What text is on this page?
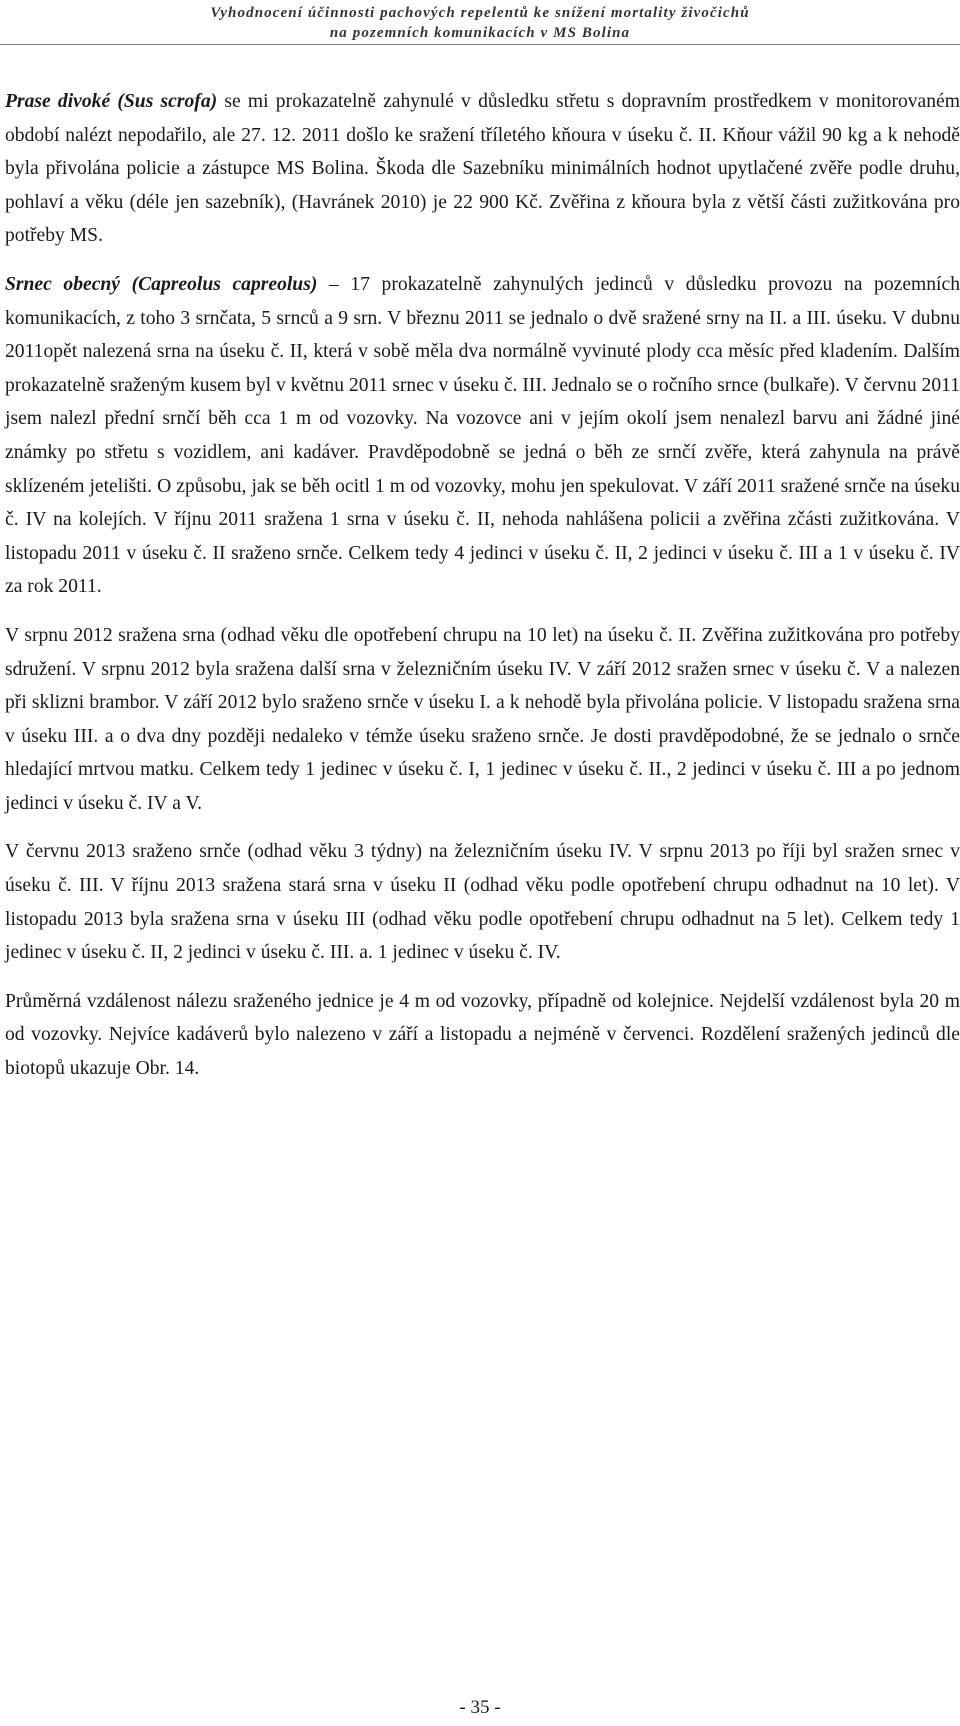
Vyhodnocení účinnosti pachových repelentů ke snížení mortality živočichů
na pozemních komunikacích v MS Bolina

Prase divoké (Sus scrofa) se mi prokazatelně zahynulé v důsledku střetu s dopravním prostředkem v monitorovaném období nalézt nepodařilo, ale 27. 12. 2011 došlo ke sražení tříletého kňoura v úseku č. II. Kňour vážil 90 kg a k nehodě byla přivolána policie a zástupce MS Bolina. Škoda dle Sazebníku minimálních hodnot upytlačené zvěře podle druhu, pohlaví a věku (déle jen sazebník), (Havránek 2010) je 22 900 Kč. Zvěřina z kňoura byla z větší části zužitkována pro potřeby MS.

Srnec obecný (Capreolus capreolus) – 17 prokazatelně zahynulých jedinců v důsledku provozu na pozemních komunikacích, z toho 3 srnčata, 5 srnců a 9 srn. V březnu 2011 se jednalo o dvě sražené srny na II. a III. úseku. V dubnu 2011opět nalezená srna na úseku č. II, která v sobě měla dva normálně vyvinuté plody cca měsíc před kladením. Dalším prokazatelně sraženým kusem byl v květnu 2011 srnec v úseku č. III. Jednalo se o ročního srnce (bulkaře). V červnu 2011 jsem nalezl přední srnčí běh cca 1 m od vozovky. Na vozovce ani v jejím okolí jsem nenalezl barvu ani žádné jiné známky po střetu s vozidlem, ani kadáver. Pravděpodobně se jedná o běh ze srnčí zvěře, která zahynula na právě sklízeném jetelišti. O způsobu, jak se běh ocitl 1 m od vozovky, mohu jen spekulovat. V září 2011 sražené srnče na úseku č. IV na kolejích. V říjnu 2011 sražena 1 srna v úseku č. II, nehoda nahlášena policii a zvěřina zčásti zužitkována. V listopadu 2011 v úseku č. II sraženo srnče. Celkem tedy 4 jedinci v úseku č. II, 2 jedinci v úseku č. III a 1 v úseku č. IV za rok 2011.

V srpnu 2012 sražena srna (odhad věku dle opotřebení chrupu na 10 let) na úseku č. II. Zvěřina zužitkována pro potřeby sdružení. V srpnu 2012 byla sražena další srna v železničním úseku IV. V září 2012 sražen srnec v úseku č. V a nalezen při sklizni brambor. V září 2012 bylo sraženo srnče v úseku I. a k nehodě byla přivolána policie. V listopadu sražena srna v úseku III. a o dva dny později nedaleko v témže úseku sraženo srnče. Je dosti pravděpodobné, že se jednalo o srnče hledající mrtvou matku. Celkem tedy 1 jedinec v úseku č. I, 1 jedinec v úseku č. II., 2 jedinci v úseku č. III a po jednom jedinci v úseku č. IV a V.

V červnu 2013 sraženo srnče (odhad věku 3 týdny) na železničním úseku IV. V srpnu 2013 po říji byl sražen srnec v úseku č. III. V říjnu 2013 sražena stará srna v úseku II (odhad věku podle opotřebení chrupu odhadnut na 10 let). V listopadu 2013 byla sražena srna v úseku III (odhad věku podle opotřebení chrupu odhadnut na 5 let). Celkem tedy 1 jedinec v úseku č. II, 2 jedinci v úseku č. III. a. 1 jedinec v úseku č. IV.

Průměrná vzdálenost nálezu sraženého jednice je 4 m od vozovky, případně od kolejnice. Nejdelší vzdálenost byla 20 m od vozovky. Nejvíce kadáverů bylo nalezeno v září a listopadu a nejméně v červenci. Rozdělení sražených jedinců dle biotopů ukazuje Obr. 14.

- 35 -
